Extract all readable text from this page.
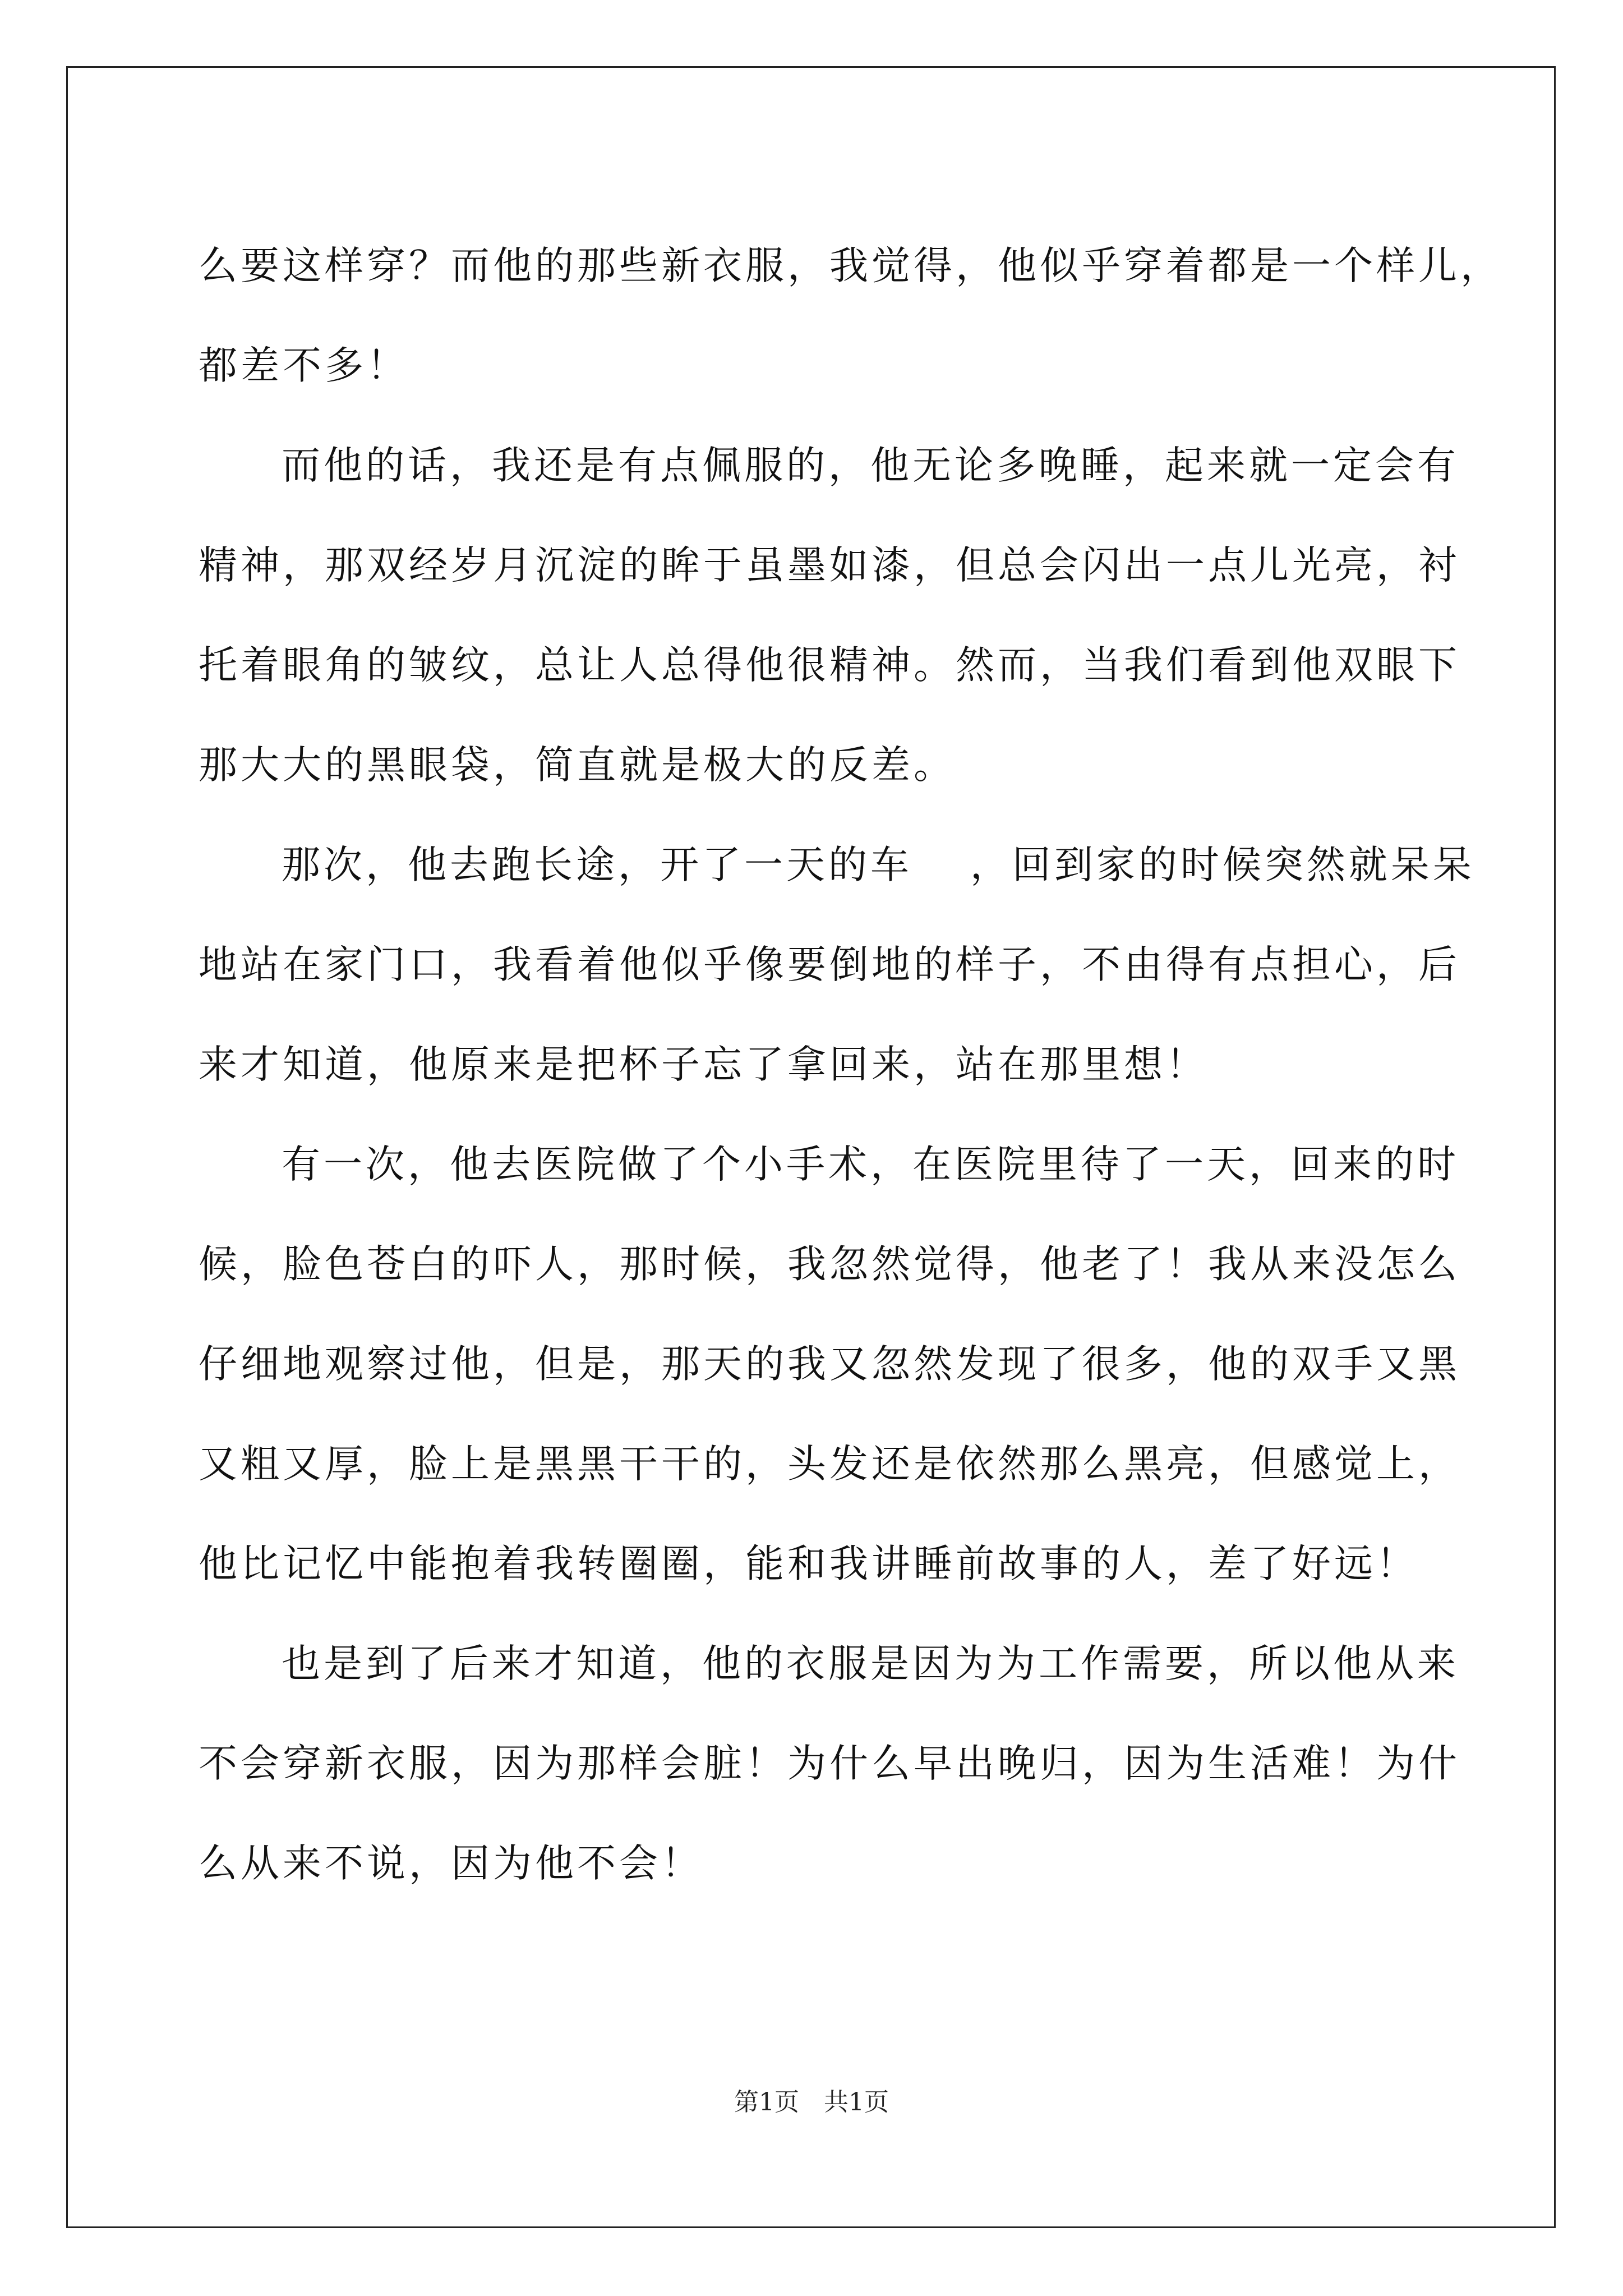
么要这样穿？而他的那些新衣服，我觉得，他似乎穿着都是一个样儿，
都差不多！
而他的话，我还是有点佩服的，他无论多晚睡，起来就一定会有
精神，那双经岁月沉淀的眸于虽墨如漆，但总会闪出一点儿光亮，衬
托着眼角的皱纹，总让人总得他很精神。然而，当我们看到他双眼下
那大大的黑眼袋，简直就是极大的反差。
那次，他去跑长途，开了一天的车　 ，回到家的时候突然就呆呆
地站在家门口，我看着他似乎像要倒地的样子，不由得有点担心，后
来才知道，他原来是把杯子忘了拿回来，站在那里想！
有一次，他去医院做了个小手术，在医院里待了一天，回来的时
候，脸色苍白的吓人，那时候，我忽然觉得，他老了！我从来没怎么
仔细地观察过他，但是，那天的我又忽然发现了很多，他的双手又黑
又粗又厚，脸上是黑黑干干的，头发还是依然那么黑亮，但感觉上，
他比记忆中能抱着我转圈圈，能和我讲睡前故事的人，差了好远！
也是到了后来才知道，他的衣服是因为为工作需要，所以他从来
不会穿新衣服，因为那样会脏！为什么早出晚归，因为生活难！为什
么从来不说，因为他不会！
第1页　共1页
